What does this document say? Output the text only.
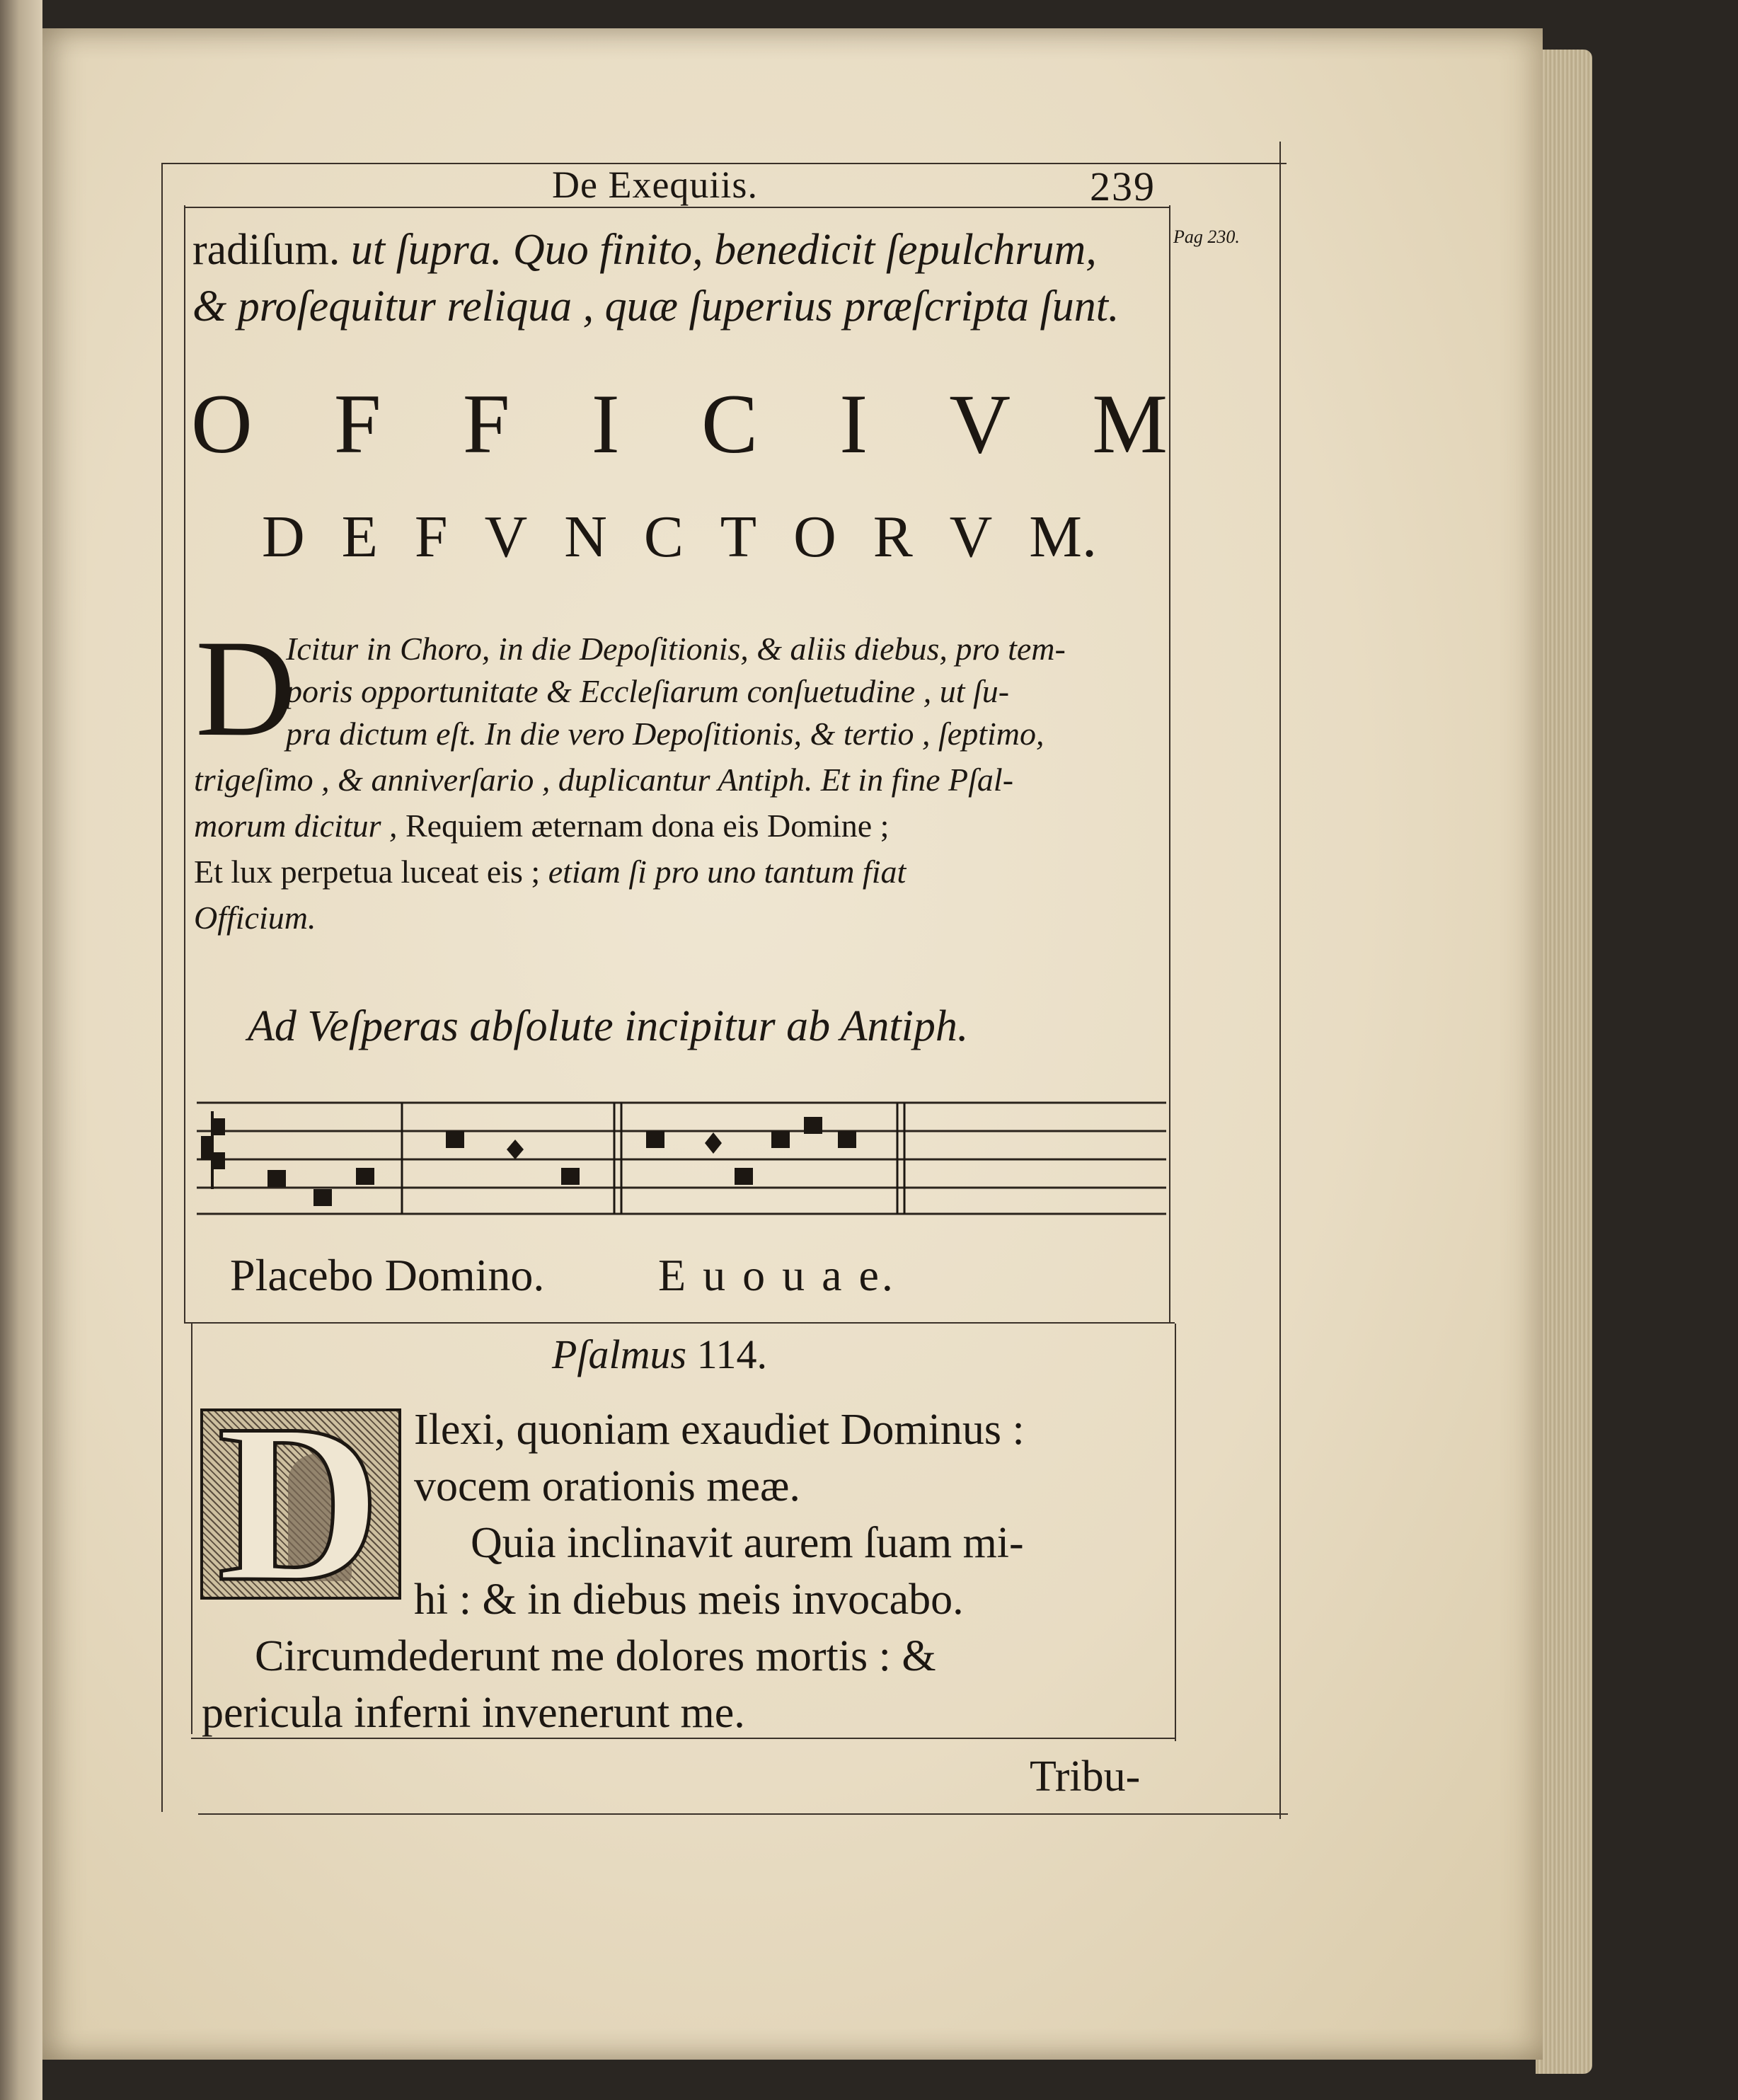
De Exequiis.	239
Pag 230.
radiſum. ut ſupra. Quo finito, benedicit ſepulchrum,
& proſequitur reliqua , quæ ſuperius præſcripta ſunt.
O F F I C I V M
D E F V N C T O R V M.
D
Icitur in Choro, in die Depoſitionis, & aliis diebus, pro tem-
poris opportunitate & Eccleſiarum conſuetudine , ut ſu-
pra dictum eſt. In die vero Depoſitionis, & tertio , ſeptimo,
trigeſimo , & anniverſario , duplicantur Antiph. Et in fine Pſal-
morum dicitur , Requiem æternam dona eis Domine ;
Et lux perpetua luceat eis ; etiam ſi pro uno tantum fiat
Officium.
Ad Veſperas abſolute incipitur ab Antiph.
Placebo Domino.	E u o u a e.
Pſalmus 114.
D Ilexi, quoniam exaudiet Dominus :
vocem orationis meæ.
Quia inclinavit aurem ſuam mi-
hi : & in diebus meis invocabo.
Circumdederunt me dolores mortis : &
pericula inferni invenerunt me.
Tribu-
